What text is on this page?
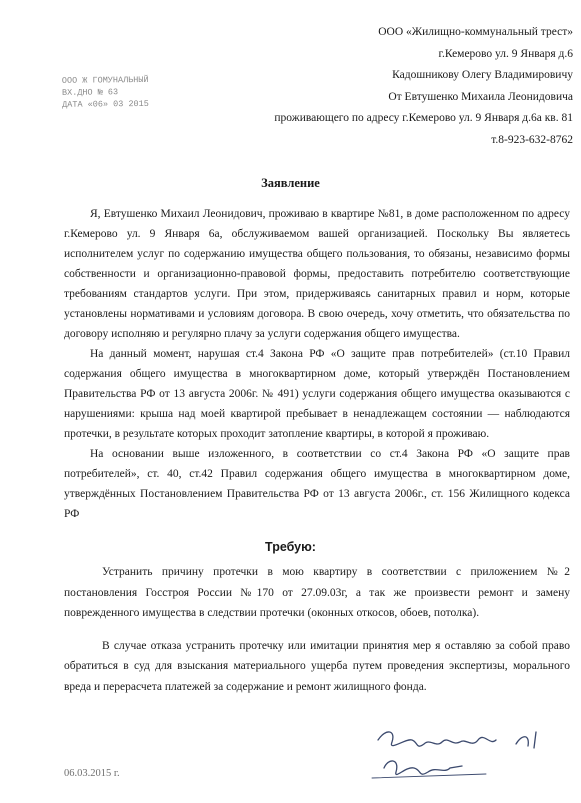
ООО Ж ГОМУНАЛЬНЫЙ
ВХ.ДНО № 63
ДАТА «06» 03 2015
ООО «Жилищно-коммунальный трест»
г.Кемерово ул. 9 Января д.6
Кадошникову Олегу Владимировичу
От Евтушенко Михаила Леонидовича
проживающего по адресу г.Кемерово ул. 9 Января д.6а кв. 81
т.8-923-632-8762
Заявление

Я, Евтушенко Михаил Леонидович, проживаю в квартире №81, в доме расположенном по адресу г.Кемерово ул. 9 Января 6а, обслуживаемом вашей организацией. Поскольку Вы являетесь исполнителем услуг по содержанию имущества общего пользования, то обязаны, независимо формы собственности и организационно-правовой формы, предоставить потребителю соответствующие требованиям стандартов услуги. При этом, придерживаясь санитарных правил и норм, которые установлены нормативами и условиям договора. В свою очередь, хочу отметить, что обязательства по договору исполняю и регулярно плачу за услуги содержания общего имущества.

На данный момент, нарушая ст.4 Закона РФ «О защите прав потребителей» (ст.10 Правил содержания общего имущества в многоквартирном доме, который утверждён Постановлением Правительства РФ от 13 августа 2006г. № 491) услуги содержания общего имущества оказываются с нарушениями: крыша над моей квартирой пребывает в ненадлежащем состоянии — наблюдаются протечки, в результате которых проходит затопление квартиры, в которой я проживаю.

На основании выше изложенного, в соответствии со ст.4 Закона РФ «О защите прав потребителей», ст. 40, ст.42 Правил содержания общего имущества в многоквартирном доме, утверждённых Постановлением Правительства РФ от 13 августа 2006г., ст. 156 Жилищного кодекса РФ

Требую:

Устранить причину протечки в мою квартиру в соответствии с приложением №2 постановления Госстроя России №170 от 27.09.03г, а так же произвести ремонт и замену поврежденного имущества в следствии протечки (оконных откосов, обоев, потолка).

В случае отказа устранить протечку или имитации принятия мер я оставляю за собой право обратиться в суд для взыскания материального ущерба путем проведения экспертизы, морального вреда и перерасчета платежей за содержание и ремонт жилищного фонда.

06.03.2015 г.
